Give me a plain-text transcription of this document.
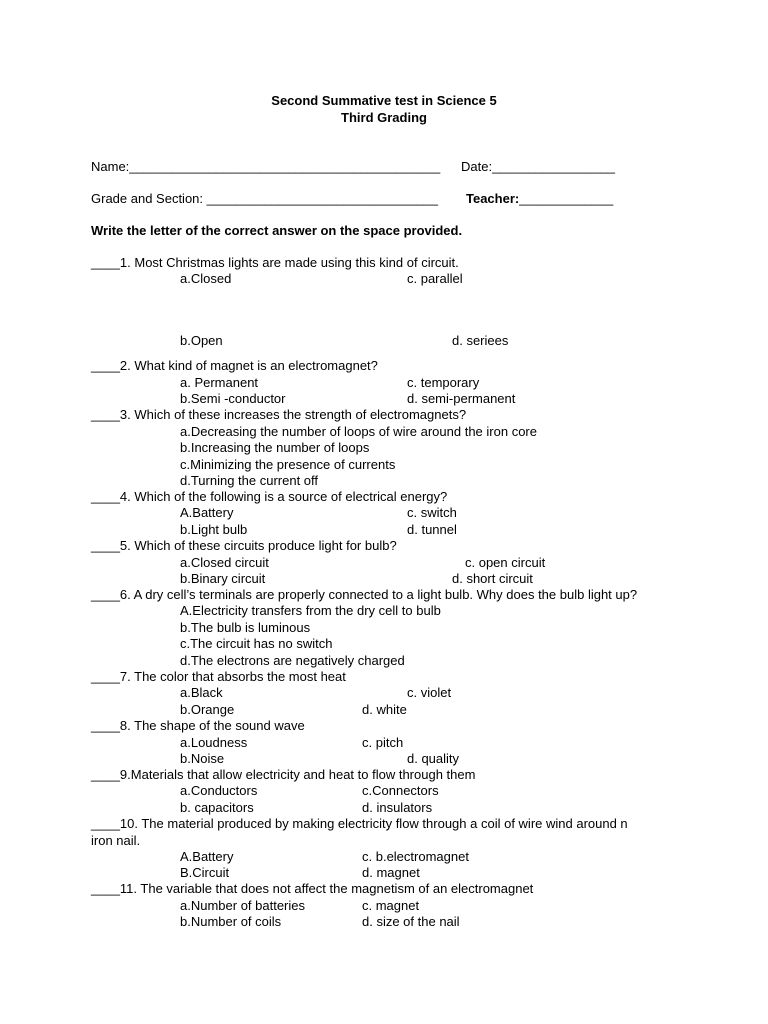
Second Summative test in Science 5
Third Grading
Name:___________________________________________ Date:_________________
Grade and Section: ________________________________ Teacher:_____________
Write the letter of the correct answer on the space provided.
____1. Most Christmas lights are made using this kind of circuit.
a.Closed	c. parallel
b.Open	d. seriees
____2. What kind of magnet is an electromagnet?
a. Permanent	c. temporary
b.Semi -conductor	d. semi-permanent
____3. Which of these increases the strength of electromagnets?
a.Decreasing the number of loops of wire around the iron core
b.Increasing the number of loops
c.Minimizing the presence of currents
d.Turning the current off
____4. Which of the following is a source of electrical energy?
A.Battery	c. switch
b.Light bulb	d. tunnel
____5. Which of these circuits produce light for bulb?
a.Closed circuit	c. open circuit
b.Binary circuit	d. short circuit
____6. A dry cell’s terminals are properly connected to a light bulb. Why does the bulb light up?
A.Electricity transfers from the dry cell to bulb
b.The bulb is luminous
c.The circuit has no switch
d.The electrons are negatively charged
____7. The color that absorbs the most heat
a.Black	c. violet
b.Orange	d. white
____8. The shape of the sound wave
a.Loudness	c. pitch
b.Noise	d. quality
____9.Materials that allow electricity and heat to flow through them
a.Conductors	c.Connectors
b. capacitors	d. insulators
____10. The material produced by making electricity flow through a coil of wire wind around n
iron nail.
A.Battery	c. b.electromagnet
B.Circuit	d. magnet
____11. The variable that does not affect the magnetism of an electromagnet
a.Number of batteries	c. magnet
b.Number of coils	d. size of the nail
